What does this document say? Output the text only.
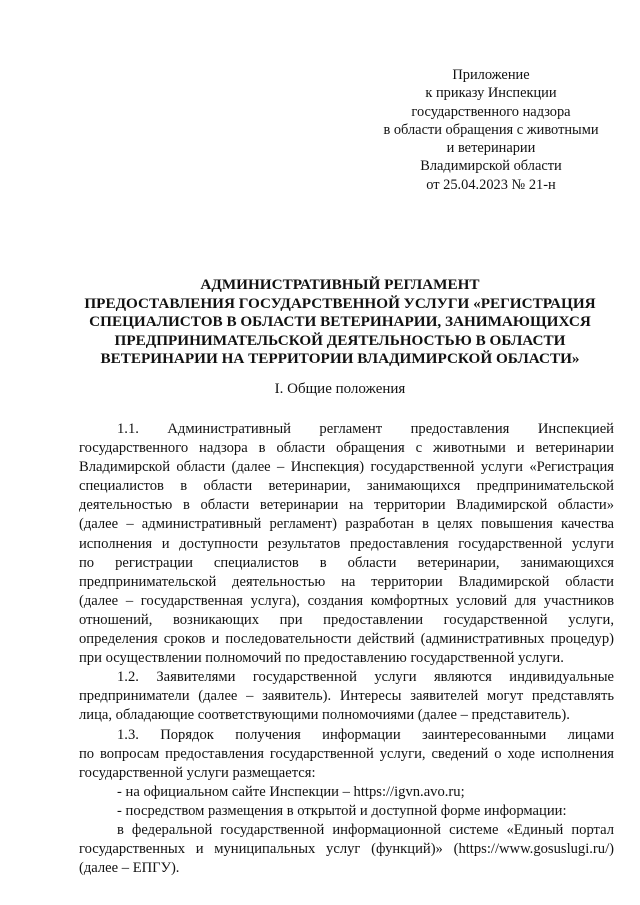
Приложение
к приказу Инспекции
государственного надзора
в области обращения с животными
и ветеринарии
Владимирской области
от 25.04.2023 № 21-н
АДМИНИСТРАТИВНЫЙ РЕГЛАМЕНТ
ПРЕДОСТАВЛЕНИЯ ГОСУДАРСТВЕННОЙ УСЛУГИ «РЕГИСТРАЦИЯ
СПЕЦИАЛИСТОВ В ОБЛАСТИ ВЕТЕРИНАРИИ, ЗАНИМАЮЩИХСЯ
ПРЕДПРИНИМАТЕЛЬСКОЙ ДЕЯТЕЛЬНОСТЬЮ В ОБЛАСТИ
ВЕТЕРИНАРИИ НА ТЕРРИТОРИИ ВЛАДИМИРСКОЙ ОБЛАСТИ»
I. Общие положения
1.1. Административный регламент предоставления Инспекцией
государственного надзора в области обращения с животными и ветеринарии
Владимирской области (далее – Инспекция) государственной услуги «Регистрация
специалистов в области ветеринарии, занимающихся предпринимательской
деятельностью в области ветеринарии на территории Владимирской области»
(далее – административный регламент) разработан в целях повышения качества
исполнения и доступности результатов предоставления государственной услуги
по регистрации специалистов в области ветеринарии, занимающихся
предпринимательской деятельностью на территории Владимирской области
(далее – государственная услуга), создания комфортных условий для участников
отношений, возникающих при предоставлении государственной услуги,
определения сроков и последовательности действий (административных процедур)
при осуществлении полномочий по предоставлению государственной услуги.
1.2. Заявителями государственной услуги являются индивидуальные
предприниматели (далее – заявитель). Интересы заявителей могут представлять
лица, обладающие соответствующими полномочиями (далее – представитель).
1.3. Порядок получения информации заинтересованными лицами
по вопросам предоставления государственной услуги, сведений о ходе исполнения
государственной услуги размещается:
- на официальном сайте Инспекции – https://igvn.avo.ru;
- посредством размещения в открытой и доступной форме информации:
в федеральной государственной информационной системе «Единый портал
государственных и муниципальных услуг (функций)» (https://www.gosuslugi.ru/)
(далее – ЕПГУ).
